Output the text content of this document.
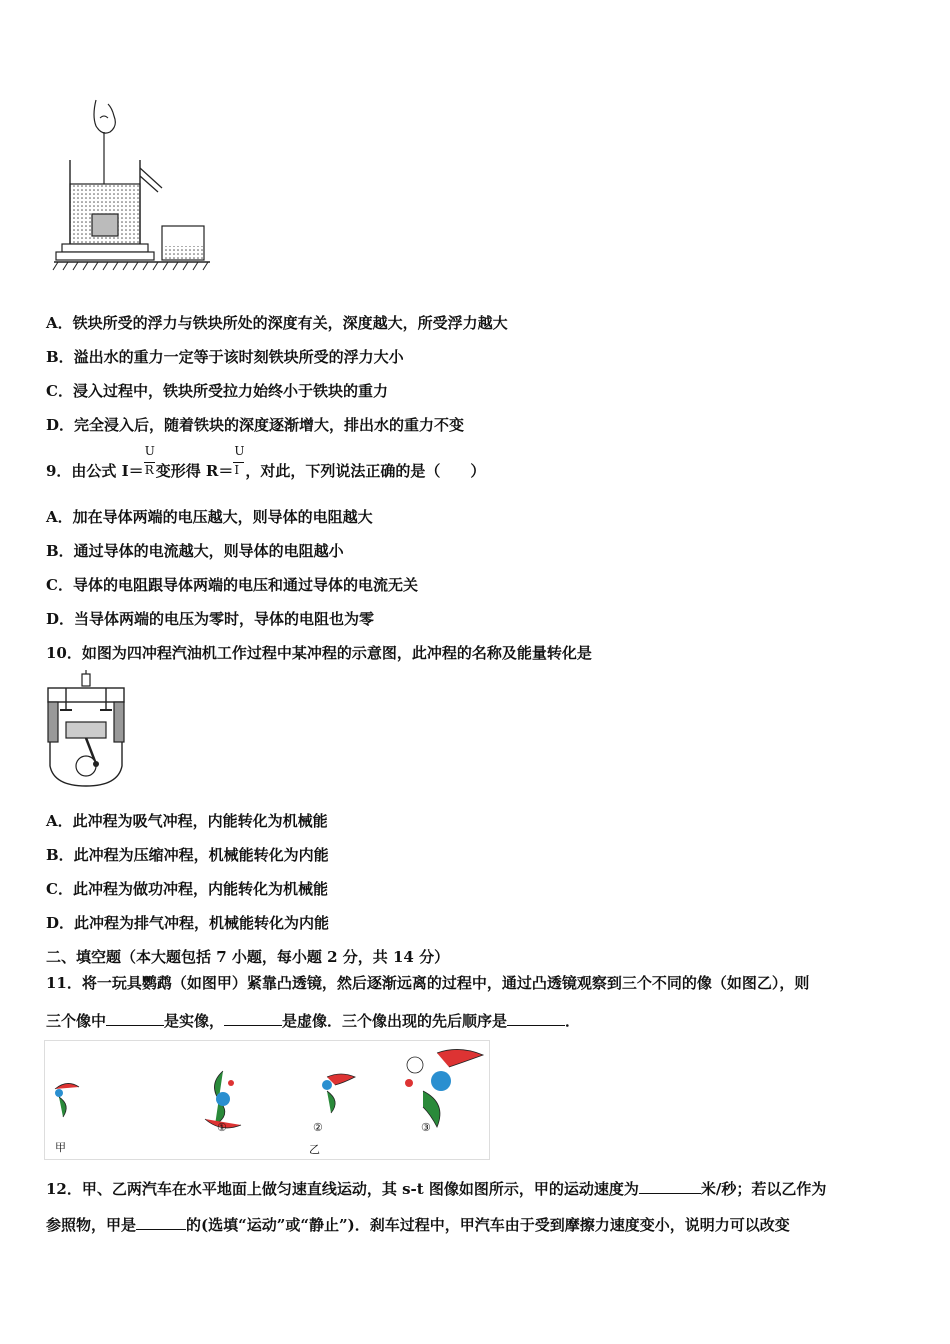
A．铁块所受的浮力与铁块所处的深度有关，深度越大，所受浮力越大
B．溢出水的重力一定等于该时刻铁块所受的浮力大小
C．浸入过程中，铁块所受拉力始终小于铁块的重力
D．完全浸入后，随着铁块的深度逐渐增大，排出水的重力不变
9．由公式 $I= \frac{U}{R}$ 变形得 $R= \frac{U}{I}$ ，对此，下列说法正确的是（　　）
A．加在导体两端的电压越大，则导体的电阻越大
B．通过导体的电流越大，则导体的电阻越小
C．导体的电阻跟导体两端的电压和通过导体的电流无关
D．当导体两端的电压为零时，导体的电阻也为零
10．如图为四冲程汽油机工作过程中某冲程的示意图，此冲程的名称及能量转化是
A．此冲程为吸气冲程，内能转化为机械能
B．此冲程为压缩冲程，机械能转化为内能
C．此冲程为做功冲程，内能转化为机械能
D．此冲程为排气冲程，机械能转化为内能
二、填空题（本大题包括 7 小题，每小题 2 分，共 14 分）
11．将一玩具鹦鹉（如图甲）紧靠凸透镜，然后逐渐远离的过程中，通过凸透镜观察到三个不同的像（如图乙），则
三个像中	是实像，	是虚像．三个像出现的先后顺序是	．
甲
①	②	③
乙
12．甲、乙两汽车在水平地面上做匀速直线运动，其 s-t 图像如图所示，甲的运动速度为	米/秒；若以乙作为
参照物，甲是	的(选填“运动”或“静止”)．刹车过程中，甲汽车由于受到摩擦力速度变小，说明力可以改变
